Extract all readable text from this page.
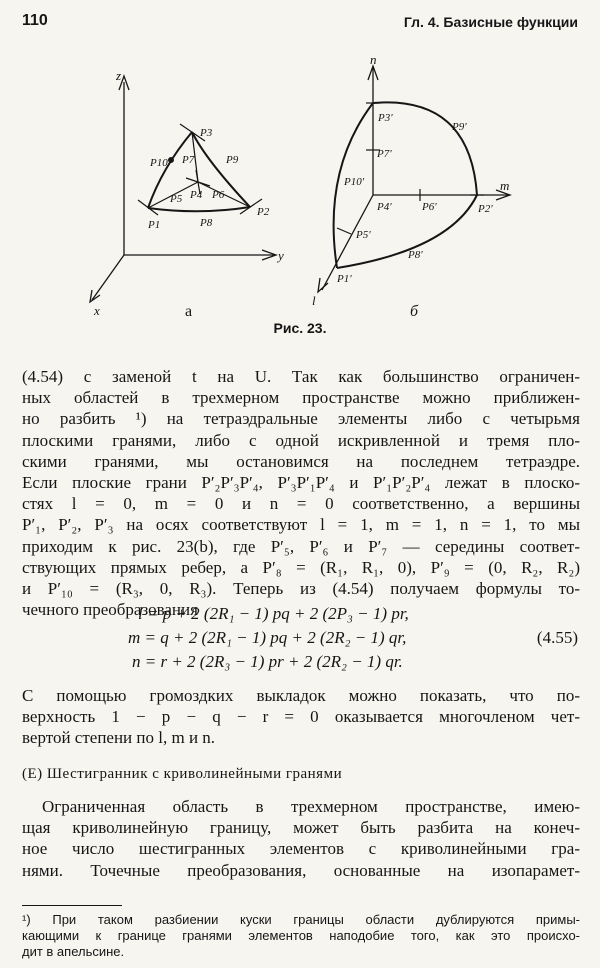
110	Гл. 4. Базисные функции
z
y
x
P3
P7	P9
P10
P5 P4 P6
P1	P8
P2
а
n
m
l
P3'
P9'
P7'
P10'
P4'	P6'	P2'
P5'
P8'
P1'
б
Рис. 23.
(4.54) с заменой t на U. Так как большинство ограничен-
ных областей в трехмерном пространстве можно приближен-
но разбить ¹) на тетраэдральные элементы либо с четырьмя
плоскими гранями, либо с одной искривленной и тремя пло-
скими гранями, мы остановимся на последнем тетраэдре.
Если плоские грани P′₂P′₃P′₄, P′₃P′₁P′₄ и P′₁P′₂P′₄ лежат в плоско-
стях l = 0, m = 0 и n = 0 соответственно, а вершины
P′₁, P′₂, P′₃ на осях соответствуют l = 1, m = 1, n = 1, то мы
приходим к рис. 23(b), где P′₅, P′₆ и P′₇ — середины соответ-
ствующих прямых ребер, а P′₈ = (R₁, R₁, 0), P′₉ = (0, R₂, R₂)
и P′₁₀ = (R₃, 0, R₃). Теперь из (4.54) получаем формулы то-
чечного преобразования
l = p + 2 (2R₁ − 1) pq + 2 (2P₃ − 1) pr,
m = q + 2 (2R₁ − 1) pq + 2 (2R₂ − 1) qr,
n = r + 2 (2R₃ − 1) pr + 2 (2R₂ − 1) qr.
(4.55)
С помощью громоздких выкладок можно показать, что по-
верхность 1 − p − q − r = 0 оказывается многочленом чет-
вертой степени по l, m и n.
(E) Шестигранник с криволинейными гранями
Ограниченная область в трехмерном пространстве, имею-
щая криволинейную границу, может быть разбита на конеч-
ное число шестигранных элементов с криволинейными гра-
нями. Точечные преобразования, основанные на изопарамет-
¹) При таком разбиении куски границы области дублируются примы-
кающими к границе гранями элементов наподобие того, как это происхо-
дит в апельсине.
